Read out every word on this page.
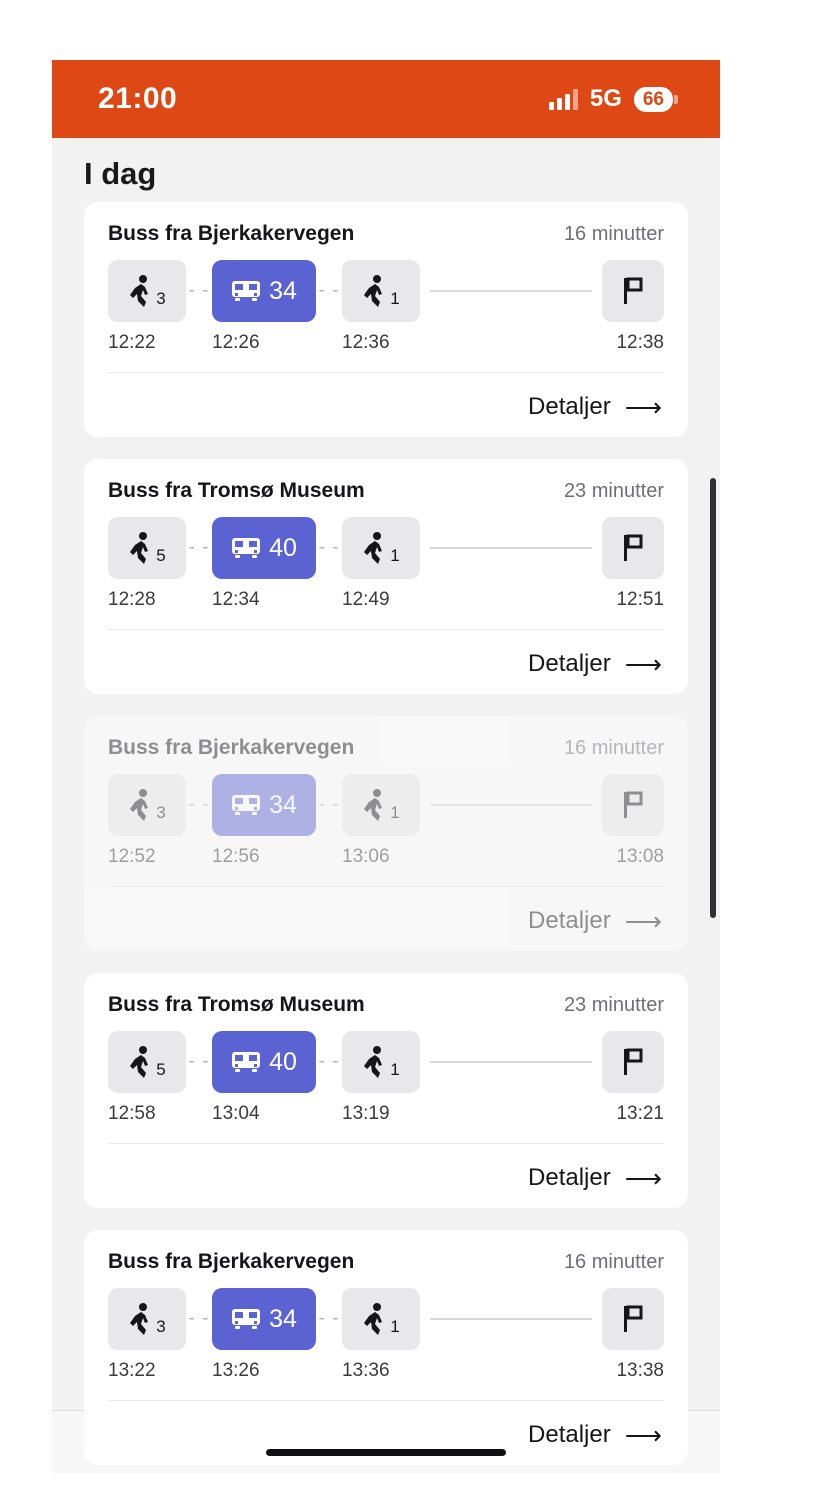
21:00	5G	66
I dag
Buss fra Bjerkakervegen	16 minutter
3 - - 34 - -	1
12:22	12:26	12:36	12:38
Detaljer ⟶
Buss fra Tromsø Museum	23 minutter
5 - - 40 - -	1
12:28	12:34	12:49	12:51
Detaljer ⟶
Buss fra Bjerkakervegen	16 minutter
3 - - 34 - -	1
12:52	12:56	13:06	13:08
Detaljer ⟶
Buss fra Tromsø Museum	23 minutter
5 - - 40 - -	1
12:58	13:04	13:19	13:21
Detaljer ⟶
Buss fra Bjerkakervegen	16 minutter
3 - - 34 - -	1
13:22	13:26	13:36	13:38
Detaljer ⟶
